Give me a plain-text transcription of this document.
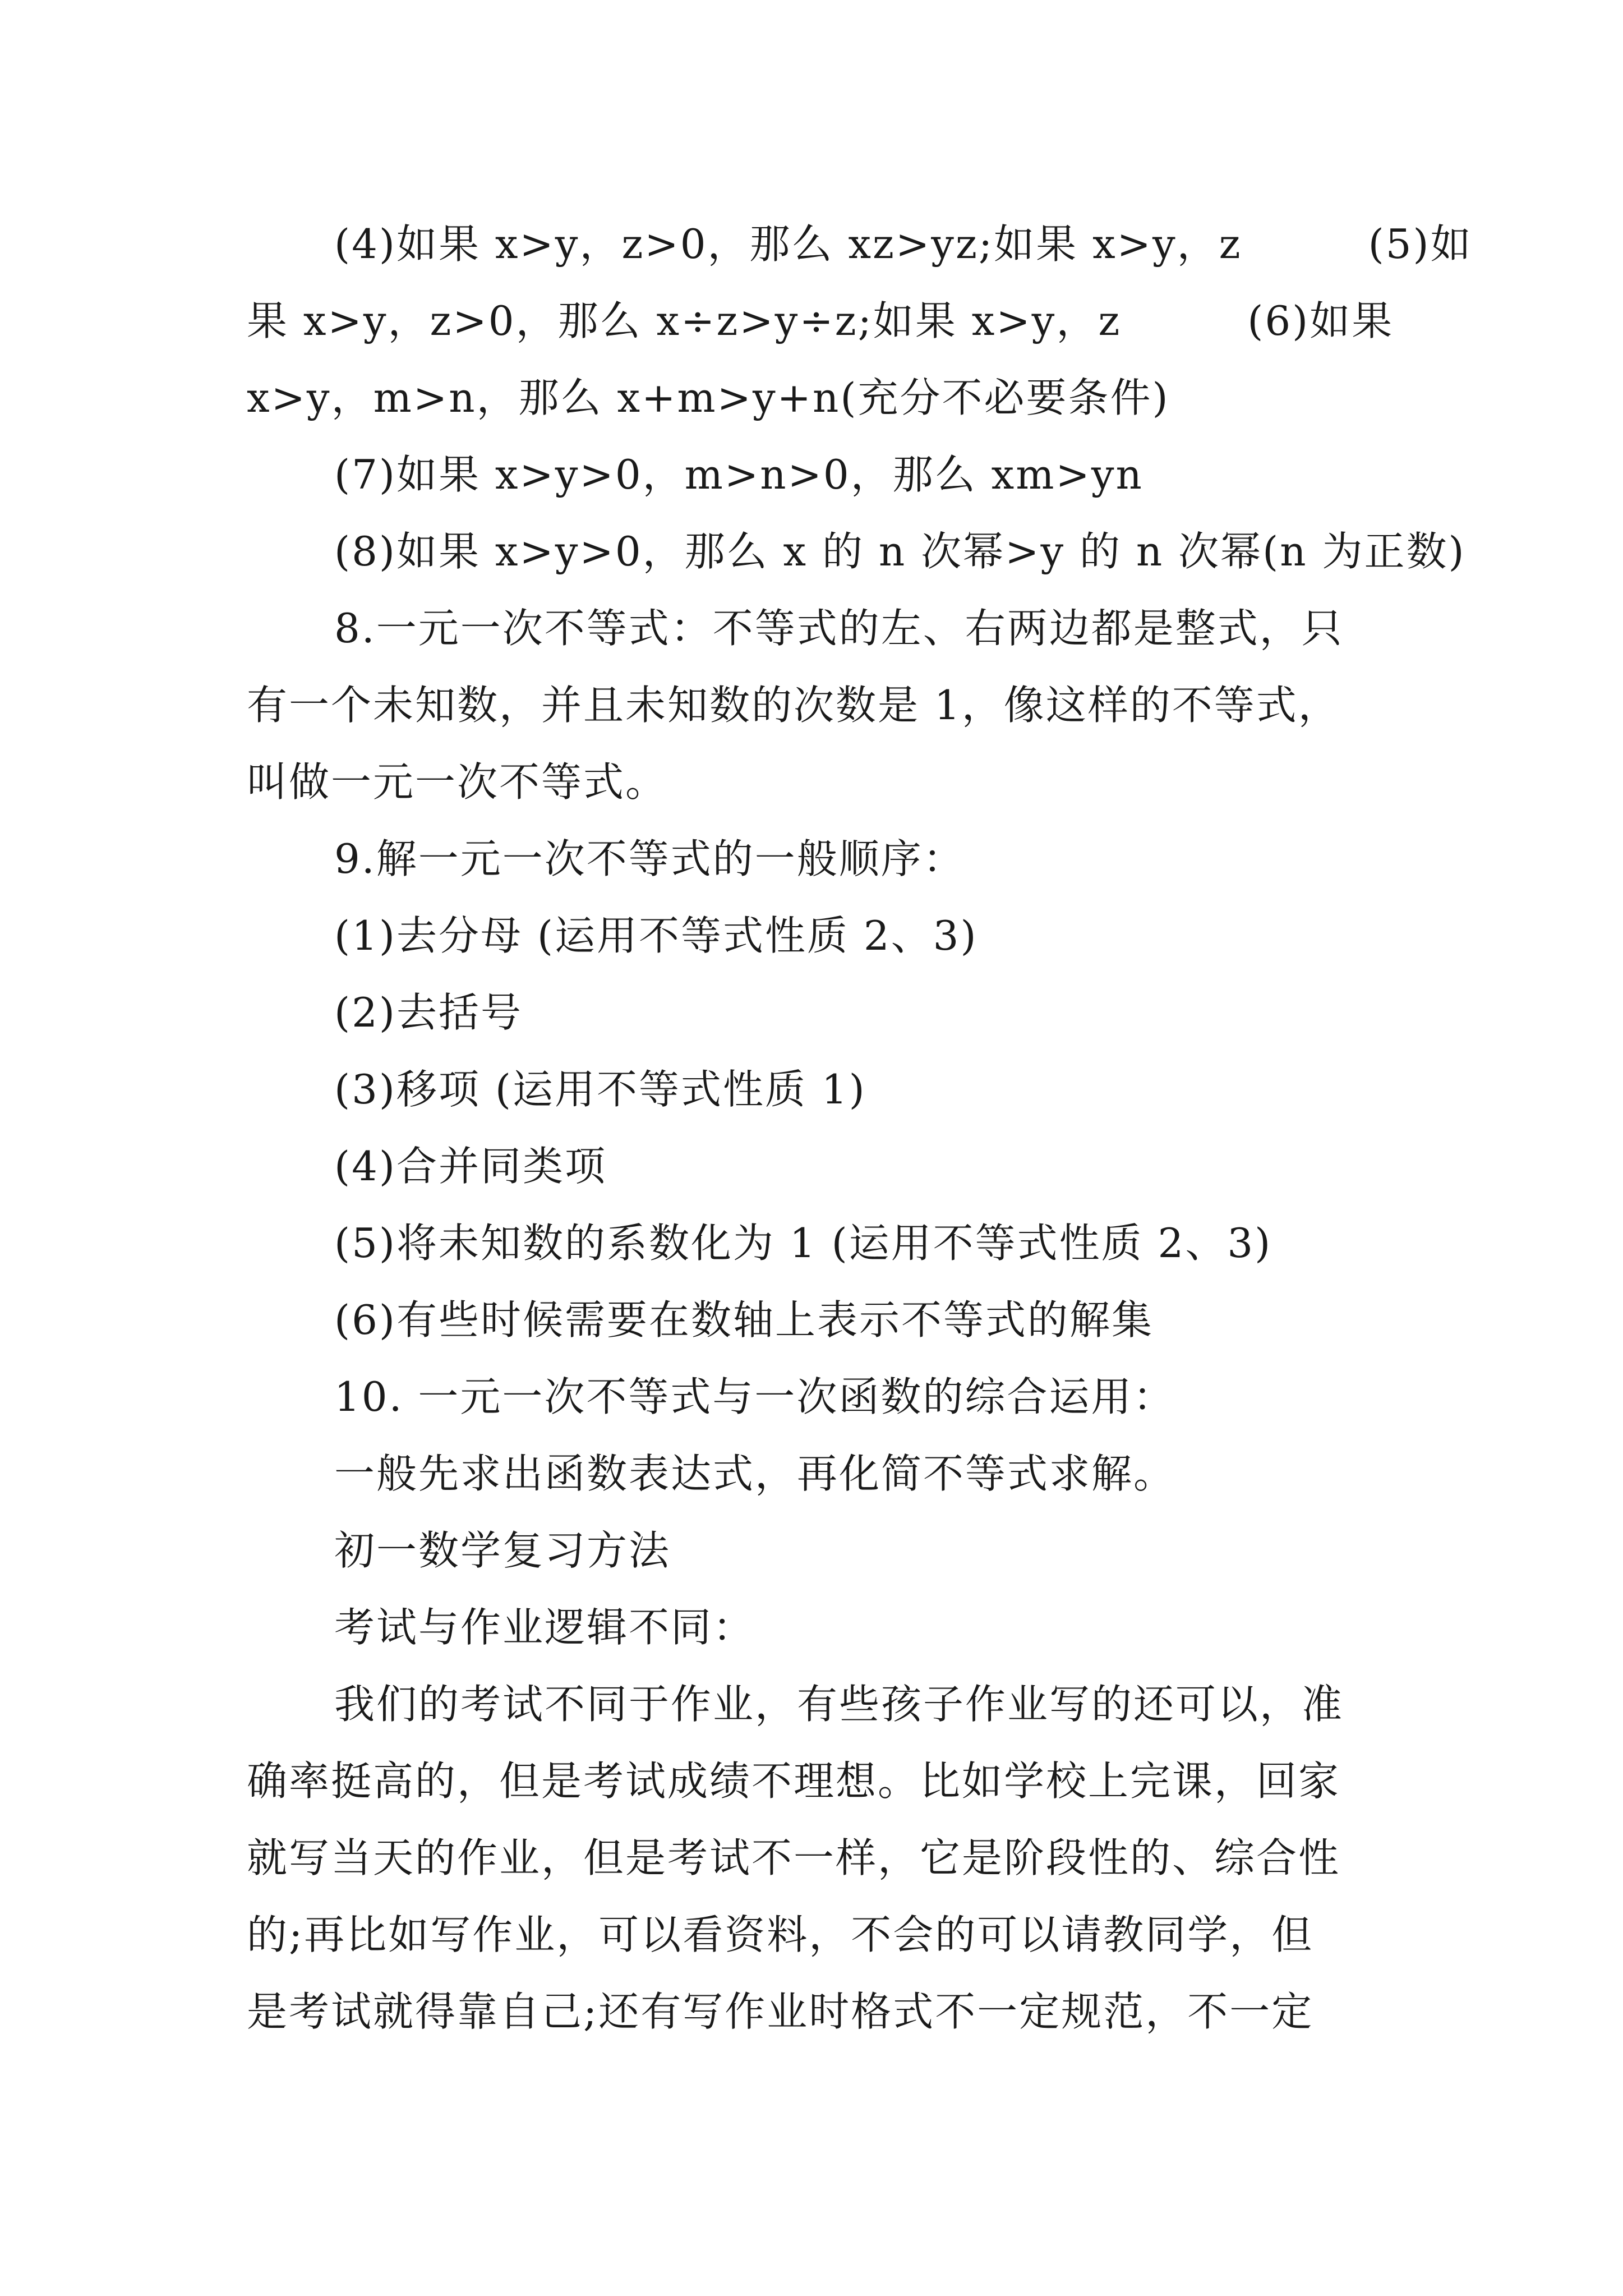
(4)如果 x>y，z>0，那么 xz>yz;如果 x>y，z　　　(5)如
果 x>y，z>0，那么 x÷z>y÷z;如果 x>y，z　　　(6)如果
x>y，m>n，那么 x+m>y+n(充分不必要条件)
(7)如果 x>y>0，m>n>0，那么 xm>yn
(8)如果 x>y>0，那么 x 的 n 次幂>y 的 n 次幂(n 为正数)
8.一元一次不等式：不等式的左、右两边都是整式，只
有一个未知数，并且未知数的次数是 1，像这样的不等式，
叫做一元一次不等式。
9.解一元一次不等式的一般顺序：
(1)去分母 (运用不等式性质 2、3)
(2)去括号
(3)移项 (运用不等式性质 1)
(4)合并同类项
(5)将未知数的系数化为 1 (运用不等式性质 2、3)
(6)有些时候需要在数轴上表示不等式的解集
10. 一元一次不等式与一次函数的综合运用：
一般先求出函数表达式，再化简不等式求解。
初一数学复习方法
考试与作业逻辑不同：
我们的考试不同于作业，有些孩子作业写的还可以，准
确率挺高的，但是考试成绩不理想。比如学校上完课，回家
就写当天的作业，但是考试不一样，它是阶段性的、综合性
的;再比如写作业，可以看资料，不会的可以请教同学，但
是考试就得靠自己;还有写作业时格式不一定规范，不一定
